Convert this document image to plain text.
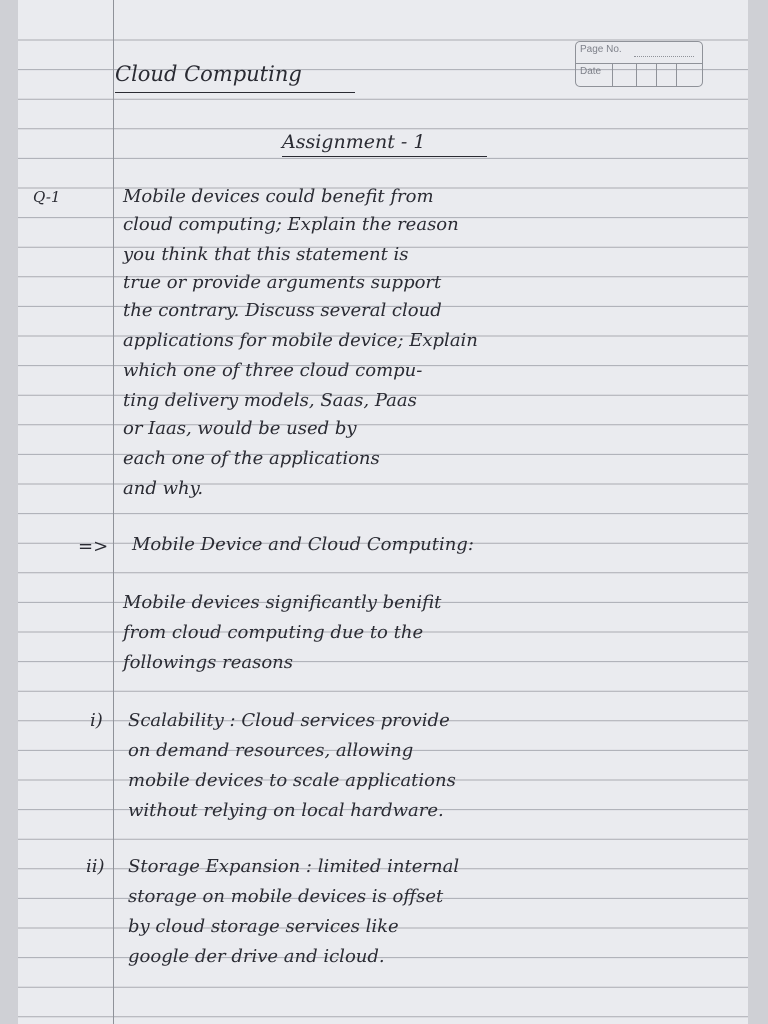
Page No.
Date
Cloud Computing
Assignment - 1
Q-1	Mobile devices could benefit from
cloud computing; Explain the reason
you think that this statement is
true or provide arguments support
the contrary. Discuss several cloud
applications for mobile device; Explain
which one of three cloud compu-
ting delivery models, Saas, Paas
or Iaas, would be used by
each one of the applications
and why.
=> Mobile Device and Cloud Computing:
Mobile devices significantly benifit
from cloud computing due to the
followings reasons
i) Scalability : Cloud services provide
on demand resources, allowing
mobile devices to scale applications
without relying on local hardware.
ii) Storage Expansion : limited internal
storage on mobile devices is offset
by cloud storage services like
google der drive and icloud.
